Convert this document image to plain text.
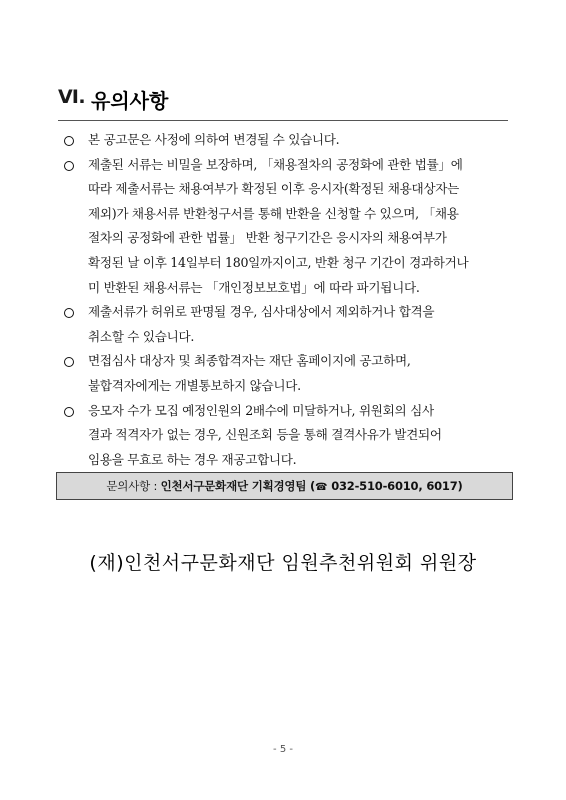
Ⅵ. 유의사항
본 공고문은 사정에 의하여 변경될 수 있습니다.
제출된 서류는 비밀을 보장하며, 「채용절차의 공정화에 관한 법률」에
따라 제출서류는 채용여부가 확정된 이후 응시자(확정된 채용대상자는
제외)가 채용서류 반환청구서를 통해 반환을 신청할 수 있으며, 「채용
절차의 공정화에 관한 법률」 반환 청구기간은 응시자의 채용여부가
확정된 날 이후 14일부터 180일까지이고, 반환 청구 기간이 경과하거나
미 반환된 채용서류는 「개인정보보호법」에 따라 파기됩니다.
제출서류가 허위로 판명될 경우, 심사대상에서 제외하거나 합격을
취소할 수 있습니다.
면접심사 대상자 및 최종합격자는 재단 홈페이지에 공고하며,
불합격자에게는 개별통보하지 않습니다.
응모자 수가 모집 예정인원의 2배수에 미달하거나, 위원회의 심사
결과 적격자가 없는 경우, 신원조회 등을 통해 결격사유가 발견되어
임용을 무효로 하는 경우 재공고합니다.
문의사항 : 인천서구문화재단 기획경영팀 (☎ 032-510-6010, 6017)
(재)인천서구문화재단 임원추천위원회 위원장
- 5 -
